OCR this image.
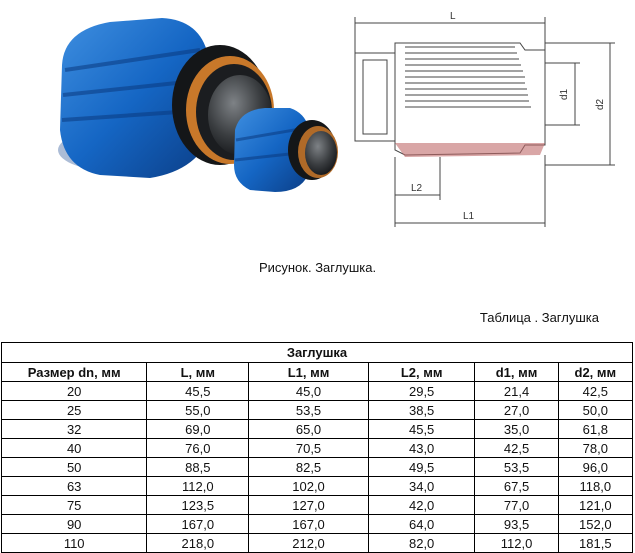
L
d1
d2
L2
L1
Рисунок. Заглушка.
Таблица . Заглушка
Заглушка					
Размер dn, мм	L, мм	L1, мм	L2, мм	d1, мм	d2, мм
20	45,5	45,0	29,5	21,4	42,5
25	55,0	53,5	38,5	27,0	50,0
32	69,0	65,0	45,5	35,0	61,8
40	76,0	70,5	43,0	42,5	78,0
50	88,5	82,5	49,5	53,5	96,0
63	112,0	102,0	34,0	67,5	118,0
75	123,5	127,0	42,0	77,0	121,0
90	167,0	167,0	64,0	93,5	152,0
110	218,0	212,0	82,0	112,0	181,5
